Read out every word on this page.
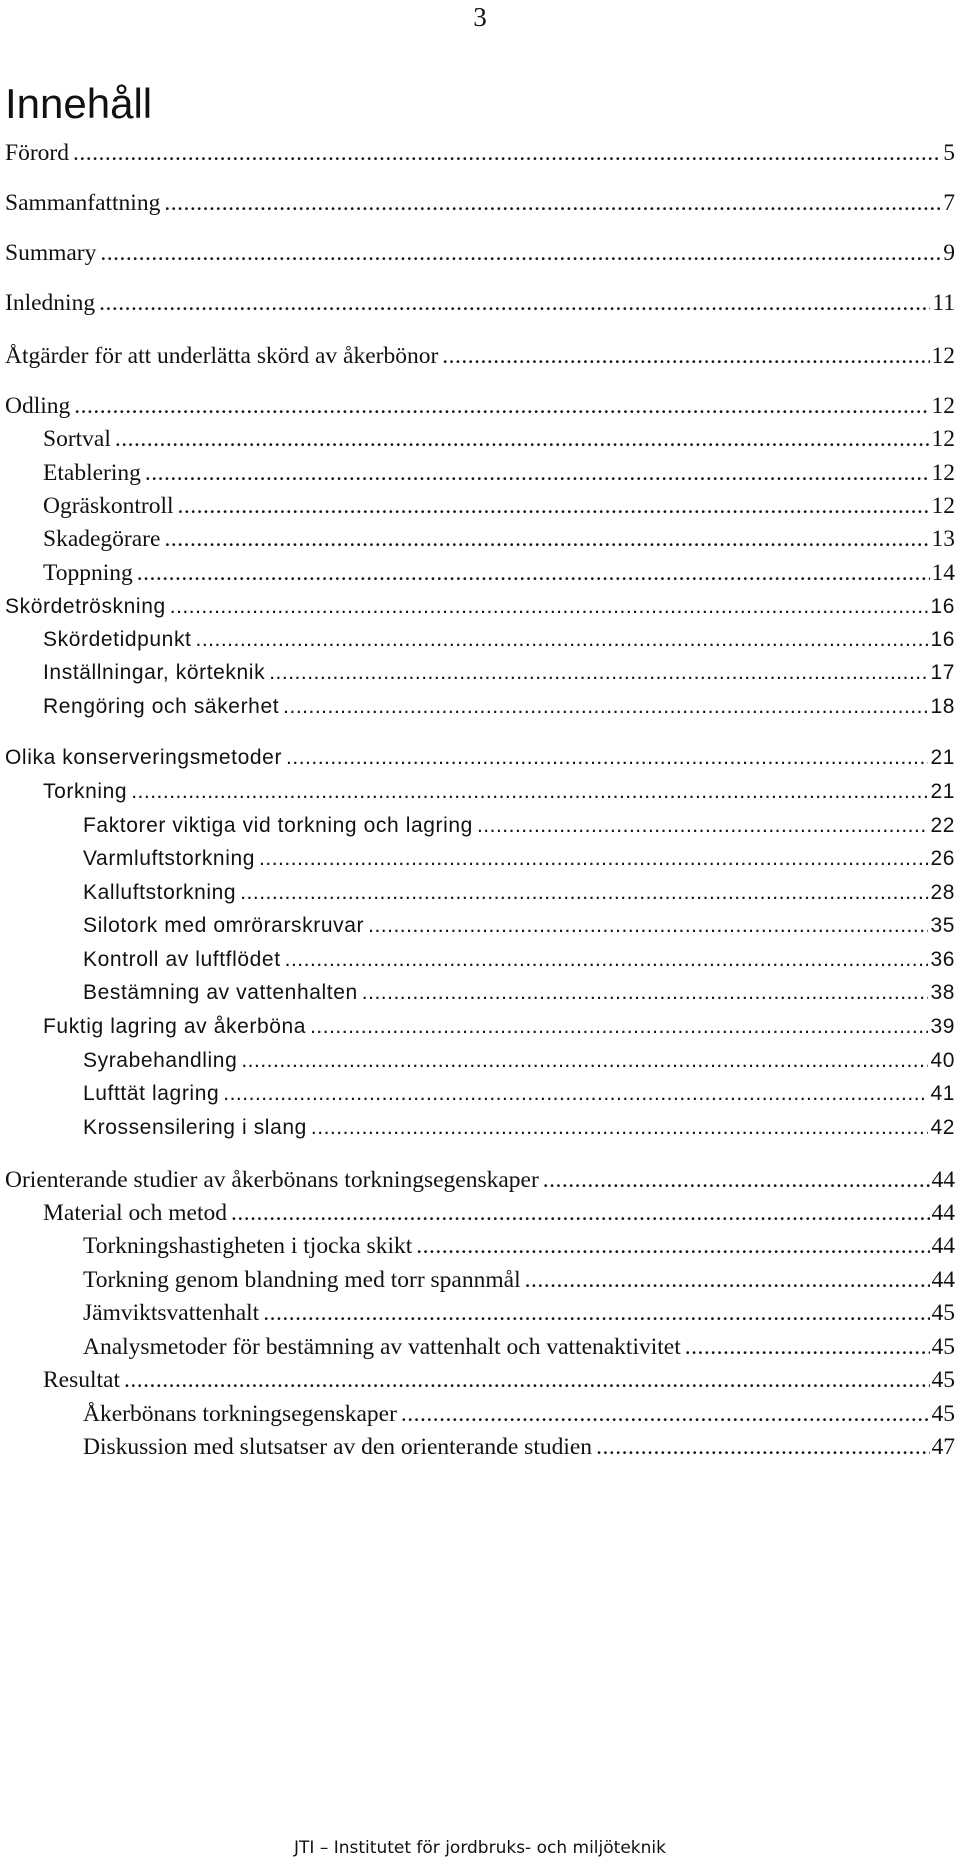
3
Innehåll
Förord .....	5
Sammanfattning .....	7
Summary .....	9
Inledning .....	11
Åtgärder för att underlätta skörd av åkerbönor .....	12
Odling .....	12
Sortval .....	12
Etablering .....	12
Ogräskontroll .....	12
Skadegörare .....	13
Toppning .....	14
Skördetröskning .....	16
Skördetidpunkt .....	16
Inställningar, körteknik .....	17
Rengöring och säkerhet .....	18
Olika konserveringsmetoder .....	21
Torkning .....	21
Faktorer viktiga vid torkning och lagring .....	22
Varmluftstorkning .....	26
Kalluftstorkning .....	28
Silotork med omrörarskruvar .....	35
Kontroll av luftflödet .....	36
Bestämning av vattenhalten .....	38
Fuktig lagring av åkerböna .....	39
Syrabehandling .....	40
Lufttät lagring .....	41
Krossensilering i slang .....	42
Orienterande studier av åkerbönans torkningsegenskaper .....	44
Material och metod .....	44
Torkningshastigheten i tjocka skikt .....	44
Torkning genom blandning med torr spannmål .....	44
Jämviktsvattenhalt .....	45
Analysmetoder för bestämning av vattenhalt och vattenaktivitet .....	45
Resultat .....	45
Åkerbönans torkningsegenskaper .....	45
Diskussion med slutsatser av den orienterande studien .....	47
JTI – Institutet för jordbruks- och miljöteknik
